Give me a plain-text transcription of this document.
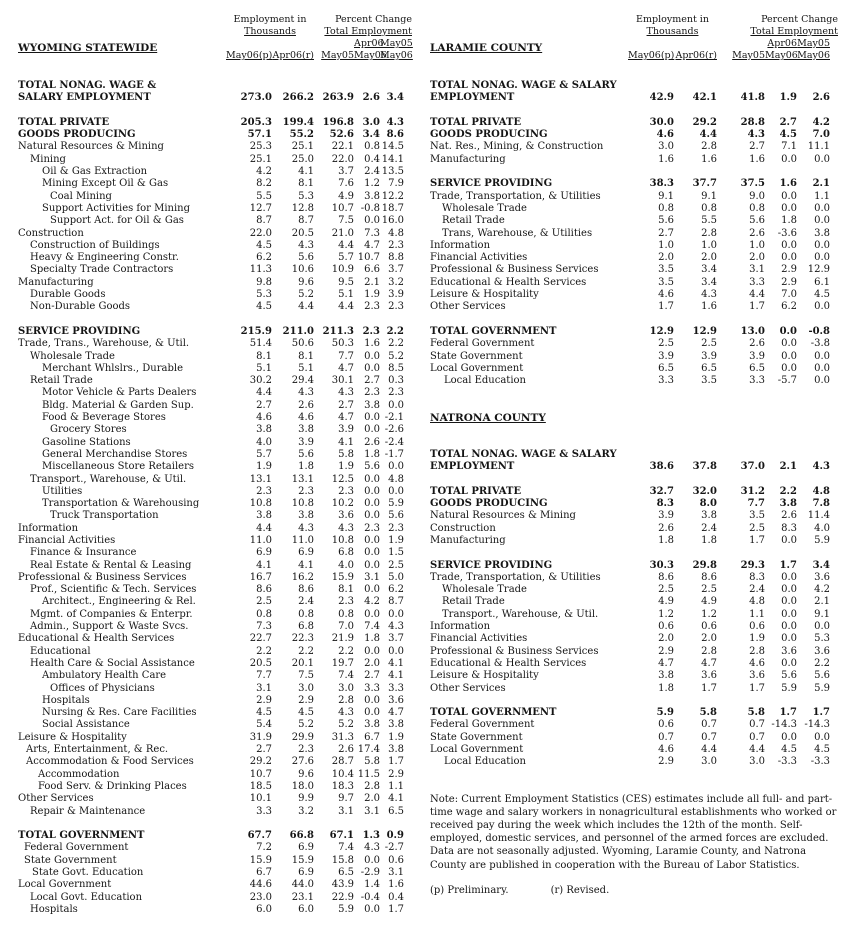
Employment in	Percent Change
Thousands	Total Employment
Apr06
May05
May06(p) Apr06(r) May05 May06
May06
WYOMING STATEWIDE
TOTAL NONAG. WAGE &
SALARY EMPLOYMENT	273.0	266.2 263.9 2.6 3.4
TOTAL PRIVATE	205.3	199.4 196.8 3.0 4.3
GOODS PRODUCING	57.1	55.2	52.6 3.4 8.6
Natural Resources & Mining	25.3	25.1	22.1	0.8 14.5
Mining	25.1	25.0	22.0	0.4 14.1
Oil & Gas Extraction	4.2	4.1	3.7	2.4 13.5
Mining Except Oil & Gas	8.2	8.1	7.6	1.2 7.9
Coal Mining	5.5	5.3	4.9	3.8 12.2
Support Activities for Mining	12.7	12.8	10.7 -0.8 18.7
Support Act. for Oil & Gas	8.7	8.7	7.5	0.0 16.0
Construction	22.0	20.5	21.0	7.3 4.8
Construction of Buildings	4.5	4.3	4.4	4.7 2.3
Heavy & Engineering Constr.	6.2	5.6	5.7 10.7 8.8
Specialty Trade Contractors	11.3	10.6	10.9	6.6 3.7
Manufacturing	9.8	9.6	9.5	2.1 3.2
Durable Goods	5.3	5.2	5.1	1.9 3.9
Non-Durable Goods	4.5	4.4	4.4	2.3 2.3
SERVICE PROVIDING	215.9	211.0 211.3 2.3 2.2
Trade, Trans., Warehouse, & Util.	51.4	50.6	50.3	1.6 2.2
Wholesale Trade	8.1	8.1	7.7	0.0 5.2
Merchant Whlslrs., Durable	5.1	5.1	4.7	0.0 8.5
Retail Trade	30.2	29.4	30.1	2.7 0.3
Motor Vehicle & Parts Dealers	4.4	4.3	4.3	2.3 2.3
Bldg. Material & Garden Sup.	2.7	2.6	2.7	3.8 0.0
Food & Beverage Stores	4.6	4.6	4.7	0.0 -2.1
Grocery Stores	3.8	3.8	3.9	0.0 -2.6
Gasoline Stations	4.0	3.9	4.1	2.6 -2.4
General Merchandise Stores	5.7	5.6	5.8	1.8 -1.7
Miscellaneous Store Retailers	1.9	1.8	1.9	5.6 0.0
Transport., Warehouse, & Util.	13.1	13.1	12.5	0.0 4.8
Utilities	2.3	2.3	2.3	0.0 0.0
Transportation & Warehousing	10.8	10.8	10.2	0.0 5.9
Truck Transportation	3.8	3.8	3.6	0.0 5.6
Information	4.4	4.3	4.3	2.3 2.3
Financial Activities	11.0	11.0	10.8	0.0 1.9
Finance & Insurance	6.9	6.9	6.8	0.0 1.5
Real Estate & Rental & Leasing	4.1	4.1	4.0	0.0 2.5
Professional & Business Services	16.7	16.2	15.9	3.1 5.0
Prof., Scientific & Tech. Services	8.6	8.6	8.1	0.0 6.2
Architect., Engineering & Rel.	2.5	2.4	2.3	4.2 8.7
Mgmt. of Companies & Enterpr.	0.8	0.8	0.8	0.0 0.0
Admin., Support & Waste Svcs.	7.3	6.8	7.0	7.4 4.3
Educational & Health Services	22.7	22.3	21.9	1.8 3.7
Educational	2.2	2.2	2.2	0.0 0.0
Health Care & Social Assistance	20.5	20.1	19.7	2.0 4.1
Ambulatory Health Care	7.7	7.5	7.4	2.7 4.1
Offices of Physicians	3.1	3.0	3.0	3.3 3.3
Hospitals	2.9	2.9	2.8	0.0 3.6
Nursing & Res. Care Facilities	4.5	4.5	4.3	0.0 4.7
Social Assistance	5.4	5.2	5.2	3.8 3.8
Leisure & Hospitality	31.9	29.9	31.3	6.7 1.9
Arts, Entertainment, & Rec.	2.7	2.3	2.6 17.4 3.8
Accommodation & Food Services	29.2	27.6	28.7	5.8 1.7
Accommodation	10.7	9.6	10.4 11.5 2.9
Food Serv. & Drinking Places	18.5	18.0	18.3	2.8 1.1
Other Services	10.1	9.9	9.7	2.0 4.1
Repair & Maintenance	3.3	3.2	3.1	3.1 6.5
TOTAL GOVERNMENT	67.7	66.8	67.1 1.3 0.9
Federal Government	7.2	6.9	7.4	4.3 -2.7
State Government	15.9	15.9	15.8	0.0 0.6
State Govt. Education	6.7	6.9	6.5 -2.9 3.1
Local Government	44.6	44.0	43.9	1.4 1.6
Local Govt. Education	23.0	23.1	22.9 -0.4 0.4
Hospitals	6.0	6.0	5.9	0.0 1.7
Employment in	Percent Change
Thousands	Total Employment
Apr06 May05
May06(p) Apr06(r)	May05 May06 May06
LARAMIE COUNTY
TOTAL NONAG. WAGE & SALARY
EMPLOYMENT	42.9	42.1	41.8	1.9	2.6
TOTAL PRIVATE	30.0	29.2	28.8	2.7	4.2
GOODS PRODUCING	4.6	4.4	4.3	4.5	7.0
Nat. Res., Mining, & Construction	3.0	2.8	2.7	7.1	11.1
Manufacturing	1.6	1.6	1.6	0.0	0.0
SERVICE PROVIDING	38.3	37.7	37.5	1.6	2.1
Trade, Transportation, & Utilities	9.1	9.1	9.0	0.0	1.1
Wholesale Trade	0.8	0.8	0.8	0.0	0.0
Retail Trade	5.6	5.5	5.6	1.8	0.0
Trans, Warehouse, & Utilities	2.7	2.8	2.6	-3.6	3.8
Information	1.0	1.0	1.0	0.0	0.0
Financial Activities	2.0	2.0	2.0	0.0	0.0
Professional & Business Services	3.5	3.4	3.1	2.9	12.9
Educational & Health Services	3.5	3.4	3.3	2.9	6.1
Leisure & Hospitality	4.6	4.3	4.4	7.0	4.5
Other Services	1.7	1.6	1.7	6.2	0.0
TOTAL GOVERNMENT	12.9	12.9	13.0	0.0	-0.8
Federal Government	2.5	2.5	2.6	0.0	-3.8
State Government	3.9	3.9	3.9	0.0	0.0
Local Government	6.5	6.5	6.5	0.0	0.0
Local Education	3.3	3.5	3.3	-5.7	0.0
NATRONA COUNTY
TOTAL NONAG. WAGE & SALARY
EMPLOYMENT	38.6	37.8	37.0	2.1	4.3
TOTAL PRIVATE	32.7	32.0	31.2	2.2	4.8
GOODS PRODUCING	8.3	8.0	7.7	3.8	7.8
Natural Resources & Mining	3.9	3.8	3.5	2.6	11.4
Construction	2.6	2.4	2.5	8.3	4.0
Manufacturing	1.8	1.8	1.7	0.0	5.9
SERVICE PROVIDING	30.3	29.8	29.3	1.7	3.4
Trade, Transportation, & Utilities	8.6	8.6	8.3	0.0	3.6
Wholesale Trade	2.5	2.5	2.4	0.0	4.2
Retail Trade	4.9	4.9	4.8	0.0	2.1
Transport., Warehouse, & Util.	1.2	1.2	1.1	0.0	9.1
Information	0.6	0.6	0.6	0.0	0.0
Financial Activities	2.0	2.0	1.9	0.0	5.3
Professional & Business Services	2.9	2.8	2.8	3.6	3.6
Educational & Health Services	4.7	4.7	4.6	0.0	2.2
Leisure & Hospitality	3.8	3.6	3.6	5.6	5.6
Other Services	1.8	1.7	1.7	5.9	5.9
TOTAL GOVERNMENT	5.9	5.8	5.8	1.7	1.7
Federal Government	0.6	0.7	0.7 -14.3 -14.3
State Government	0.7	0.7	0.7	0.0	0.0
Local Government	4.6	4.4	4.4	4.5	4.5
Local Education	2.9	3.0	3.0	-3.3	-3.3
Note: Current Employment Statistics (CES) estimates include all full- and part-time wage and salary workers in nonagricultural establishments who worked or received pay during the week which includes the 12th of the month. Self-employed, domestic services, and personnel of the armed forces are excluded. Data are not seasonally adjusted. Wyoming, Laramie County, and Natrona County are published in cooperation with the Bureau of Labor Statistics.
(p) Preliminary.	(r) Revised.
